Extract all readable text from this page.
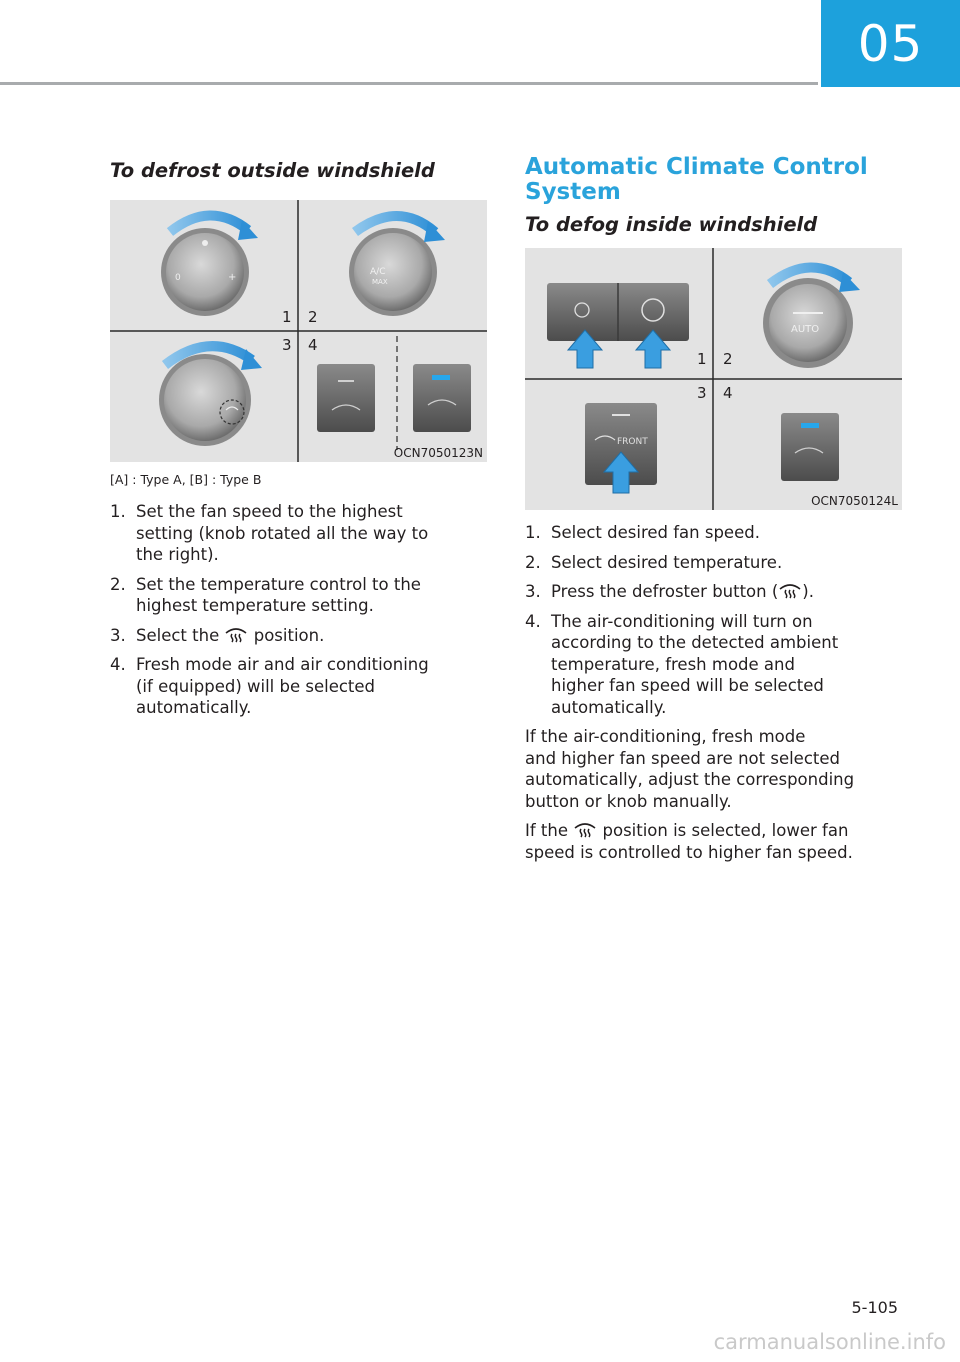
05
To defrost outside windshield
0	+	A/C
MAX
1 2
3 4
OCN7050123N
[A] : Type A, [B] : Type B
1. Set the fan speed to the highest
setting (knob rotated all the way to
the right).
2. Set the temperature control to the
highest temperature setting.
3. Select the position.
4. Fresh mode air and air conditioning
(if equipped) will be selected
automatically.
Automatic Climate Control
System
To defog inside windshield
AUTO
1 2
3 4
FRONT
OCN7050124L
1. Select desired fan speed.
2. Select desired temperature.
3. Press the defroster button ( ).
4. The air-conditioning will turn on
according to the detected ambient
temperature, fresh mode and
higher fan speed will be selected
automatically.

If the air-conditioning, fresh mode
and higher fan speed are not selected
automatically, adjust the corresponding
button or knob manually.

If the position is selected, lower fan
speed is controlled to higher fan speed.

5-105
carmanualsonline.info
